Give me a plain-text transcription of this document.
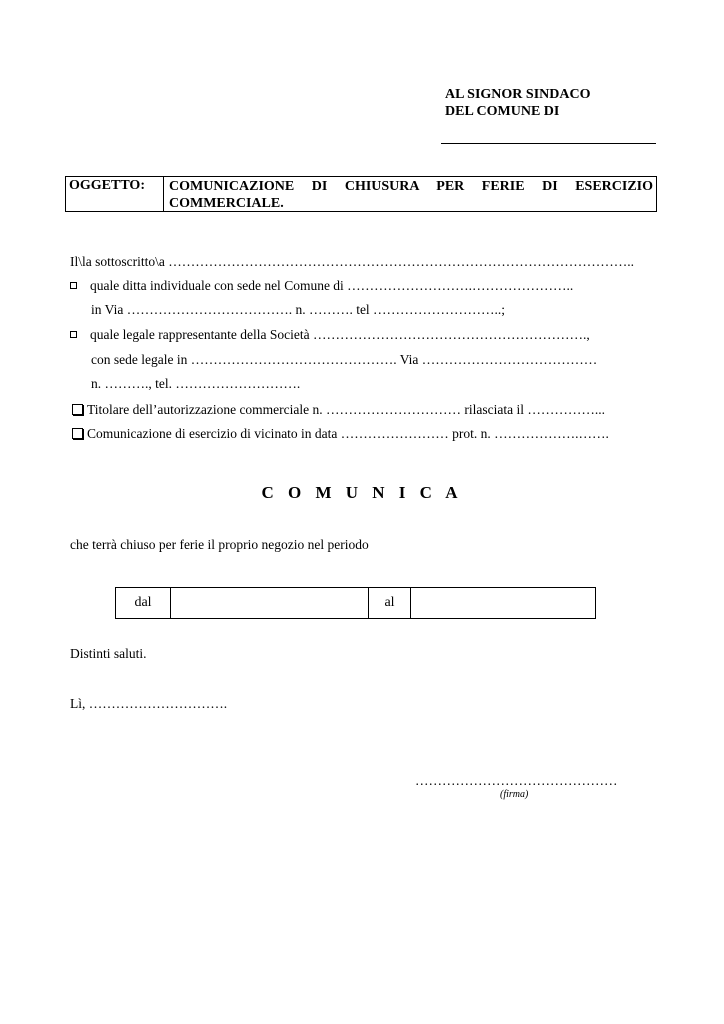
AL SIGNOR SINDACO
DEL COMUNE DI
OGGETTO:	COMUNICAZIONE DI CHIUSURA PER FERIE DI ESERCIZIO COMMERCIALE.
Il\la sottoscritto\a …………………………………………………………………………………………..
quale ditta individuale con sede nel Comune di ……………………….…………………..
in Via ………………………………. n. ………. tel ………………………..;
quale legale rappresentante della Società …………………………………………………….,
con sede legale in ………………………………………. Via …………………………………
n. ………., tel. ……………………….
Titolare dell’autorizzazione commerciale n. ………………………… rilasciata il ……………...
Comunicazione di esercizio di vicinato in data …………………… prot. n. ……………….…….
C O M U N I C A
che terrà chiuso per ferie il proprio negozio nel periodo
dal	al
Distinti saluti.
Lì, ………………………….
………………………………………
(firma)
